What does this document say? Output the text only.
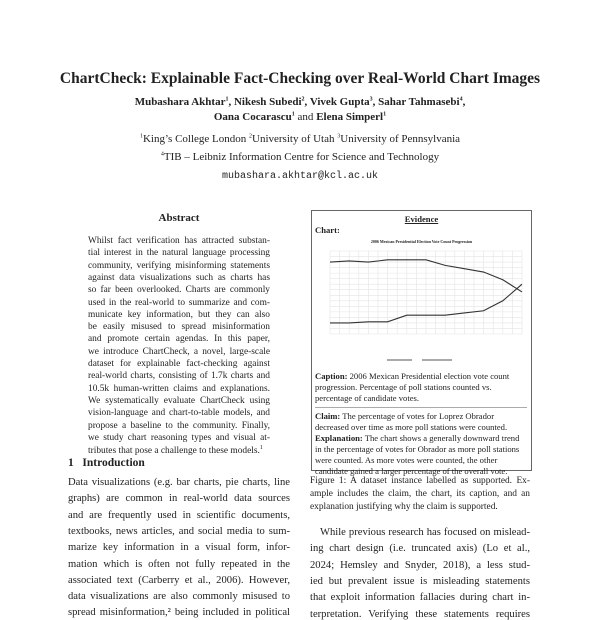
ChartCheck: Explainable Fact-Checking over Real-World Chart Images
Mubashara Akhtar$^1$, Nikesh Subedi$^2$, Vivek Gupta$^3$, Sahar Tahmasebi$^4$,
Oana Cocarascu$^1$ and Elena Simperl$^1$
$^1$King’s College London $^2$University of Utah $^3$University of Pennsylvania
$^4$TIB – Leibniz Information Centre for Science and Technology
mubashara.akhtar@kcl.ac.uk
Abstract
Whilst fact verification has attracted substan-
tial interest in the natural language processing
community, verifying misinforming statements
against data visualizations such as charts has
so far been overlooked. Charts are commonly
used in the real-world to summarize and com-
municate key information, but they can also
be easily misused to spread misinformation
and promote certain agendas. In this paper,
we introduce ChartCheck, a novel, large-scale
dataset for explainable fact-checking against
real-world charts, consisting of 1.7k charts and
10.5k human-written claims and explanations.
We systematically evaluate ChartCheck using
vision-language and chart-to-table models, and
propose a baseline to the community. Finally,
we study chart reasoning types and visual at-
tributes that pose a challenge to these models.$^1$
1 Introduction
Data visualizations (e.g. bar charts, pie charts, line
graphs) are common in real-world data sources
and are frequently used in scientific documents,
textbooks, news articles, and social media to sum-
marize key information in a visual form, infor-
mation which is often not fully repeated in the
associated text (Carberry et al., 2006). However,
data visualizations are also commonly misused to
spread misinformation,² being included in political
Evidence
Chart:
2006 Mexican Presidential Election Vote Count Progression
Caption: 2006 Mexican Presidential election vote count
progression. Percentage of poll stations counted vs.
percentage of candidate votes.
Claim: The percentage of votes for Loprez Obrador
decreased over time as more poll stations were counted.
Explanation: The chart shows a generally downward trend
in the percentage of votes for Obrador as more poll stations
were counted. As more votes were counted, the other
candidate gained a larger percentage of the overall vote.
Figure 1: A dataset instance labelled as supported. Ex-
ample includes the claim, the chart, its caption, and an
explanation justifying why the claim is supported.
While previous research has focused on mislead-
ing chart design (i.e. truncated axis) (Lo et al.,
2024; Hemsley and Snyder, 2018), a less stud-
ied but prevalent issue is misleading statements
that exploit information fallacies during chart in-
terpretation. Verifying these statements requires
